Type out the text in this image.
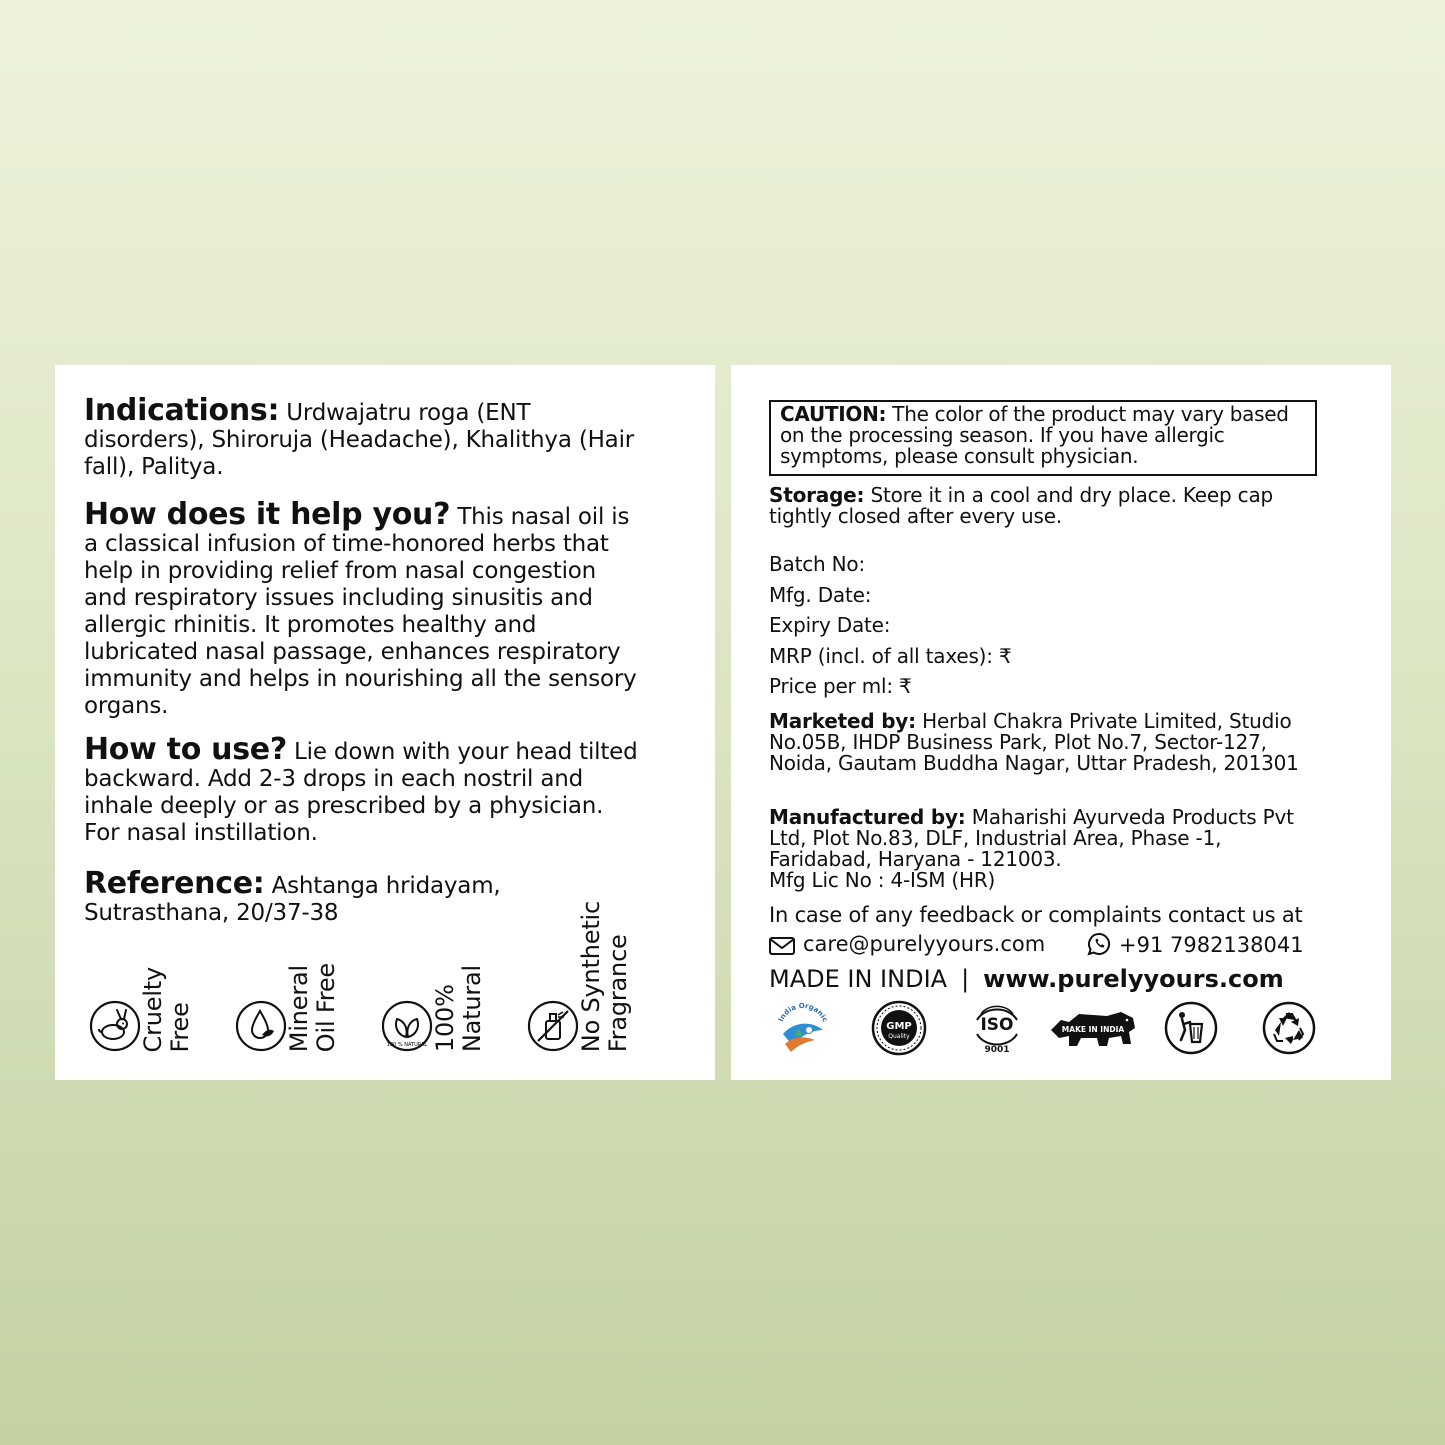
Indications: Urdwajatru roga (ENT disorders), Shiroruja (Headache), Khalithya (Hair fall), Palitya.
How does it help you? This nasal oil is a classical infusion of time-honored herbs that help in providing relief from nasal congestion and respiratory issues including sinusitis and allergic rhinitis. It promotes healthy and lubricated nasal passage, enhances respiratory immunity and helps in nourishing all the sensory organs.
How to use? Lie down with your head tilted backward. Add 2-3 drops in each nostril and inhale deeply or as prescribed by a physician. For nasal instillation.
Reference: Ashtanga hridayam, Sutrasthana, 20/37-38
Cruelty
Free	Mineral
Oil Free	100 % NATURAL 100%
Natural	No Synthetic
Fragrance
CAUTION: The color of the product may vary based on the processing season. If you have allergic symptoms, please consult physician.
Storage: Store it in a cool and dry place. Keep cap tightly closed after every use.
Batch No:
Mfg. Date:
Expiry Date:
MRP (incl. of all taxes): ₹
Price per ml: ₹
Marketed by: Herbal Chakra Private Limited, Studio No.05B, IHDP Business Park, Plot No.7, Sector-127, Noida, Gautam Buddha Nagar, Uttar Pradesh, 201301
Manufactured by: Maharishi Ayurveda Products Pvt Ltd, Plot No.83, DLF, Industrial Area, Phase -1, Faridabad, Haryana - 121003.
Mfg Lic No : 4-ISM (HR)
In case of any feedback or complaints contact us at
care@purelyyours.com	+91 7982138041
MADE IN INDIA | www.purelyyours.com
India Organic
GMP
Quality
ISO
9001
MAKE IN INDIA
